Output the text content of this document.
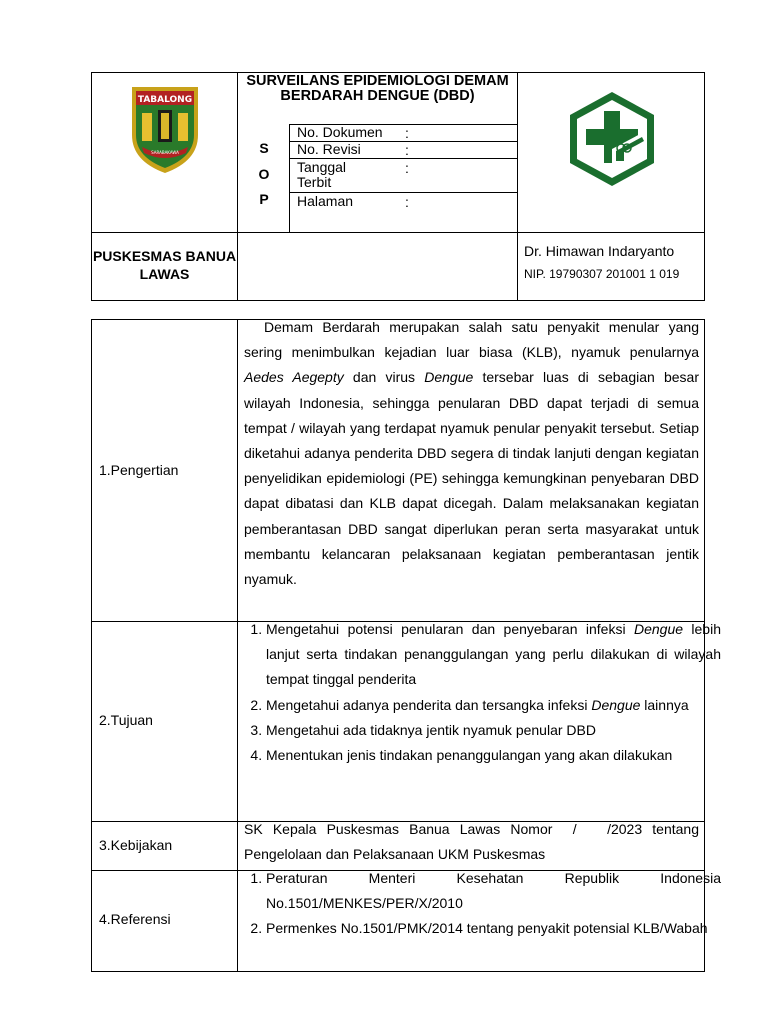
TABALONG
SARABAKAWA
SURVEILANS EPIDEMIOLOGI DEMAM BERDARAH DENGUE (DBD)
S
O
P
No. Dokumen :
No. Revisi	:
Tanggal Terbit
:
Halaman	:
PUSKESMAS BANUA LAWAS
Dr. Himawan Indaryanto
NIP. 19790307 201001 1 019
1.Pengertian
Demam Berdarah merupakan salah satu penyakit menular yang sering menimbulkan kejadian luar biasa (KLB), nyamuk penularnya Aedes Aegepty dan virus Dengue tersebar luas di sebagian besar wilayah Indonesia, sehingga penularan DBD dapat terjadi di semua tempat / wilayah yang terdapat nyamuk penular penyakit tersebut. Setiap diketahui adanya penderita DBD segera di tindak lanjuti dengan kegiatan penyelidikan epidemiologi (PE) sehingga kemungkinan penyebaran DBD dapat dibatasi dan KLB dapat dicegah. Dalam melaksanakan kegiatan pemberantasan DBD sangat diperlukan peran serta masyarakat untuk membantu kelancaran pelaksanaan kegiatan pemberantasan jentik nyamuk.
2.Tujuan
1. Mengetahui potensi penularan dan penyebaran infeksi Dengue lebih lanjut serta tindakan penanggulangan yang perlu dilakukan di wilayah tempat tinggal penderita
2. Mengetahui adanya penderita dan tersangka infeksi Dengue lainnya
3. Mengetahui ada tidaknya jentik nyamuk penular DBD
4. Menentukan jenis tindakan penanggulangan yang akan dilakukan
3.Kebijakan
SK Kepala Puskesmas Banua Lawas Nomor  /   /2023 tentang Pengelolaan dan Pelaksanaan UKM Puskesmas
4.Referensi
1. Peraturan Menteri Kesehatan Republik Indonesia No.1501/MENKES/PER/X/2010
2. Permenkes No.1501/PMK/2014 tentang penyakit potensial KLB/Wabah
